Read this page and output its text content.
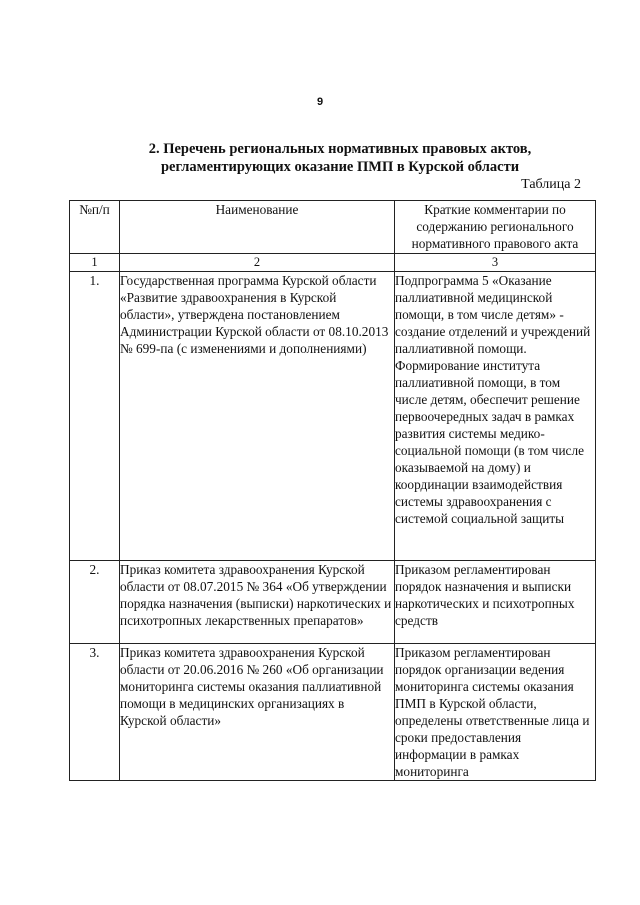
9
2. Перечень региональных нормативных правовых актов,
регламентирующих оказание ПМП в Курской области
Таблица 2
№п/п	Наименование	Краткие комментарии по содержанию регионального нормативного правового акта
1	2	3
1.	Государственная программа Курской области «Развитие здравоохранения в Курской области», утверждена постановлением Администрации Курской области от 08.10.2013 № 699-па (с изменениями и дополнениями)	Подпрограмма 5 «Оказание паллиативной медицинской помощи, в том числе детям» - создание отделений и учреждений паллиативной помощи. Формирование института паллиативной помощи, в том числе детям, обеспечит решение первоочередных задач в рамках развития системы медико-социальной помощи (в том числе оказываемой на дому) и координации взаимодействия системы здравоохранения с системой социальной защиты
2.	Приказ комитета здравоохранения Курской области от 08.07.2015 № 364 «Об утверждении порядка назначения (выписки) наркотических и психотропных лекарственных препаратов»	Приказом регламентирован порядок назначения и выписки наркотических и психотропных средств
3.	Приказ комитета здравоохранения Курской области от 20.06.2016 № 260 «Об организации мониторинга системы оказания паллиативной помощи в медицинских организациях в Курской области»	Приказом регламентирован порядок организации ведения мониторинга системы оказания ПМП в Курской области, определены ответственные лица и сроки предоставления информации в рамках мониторинга
